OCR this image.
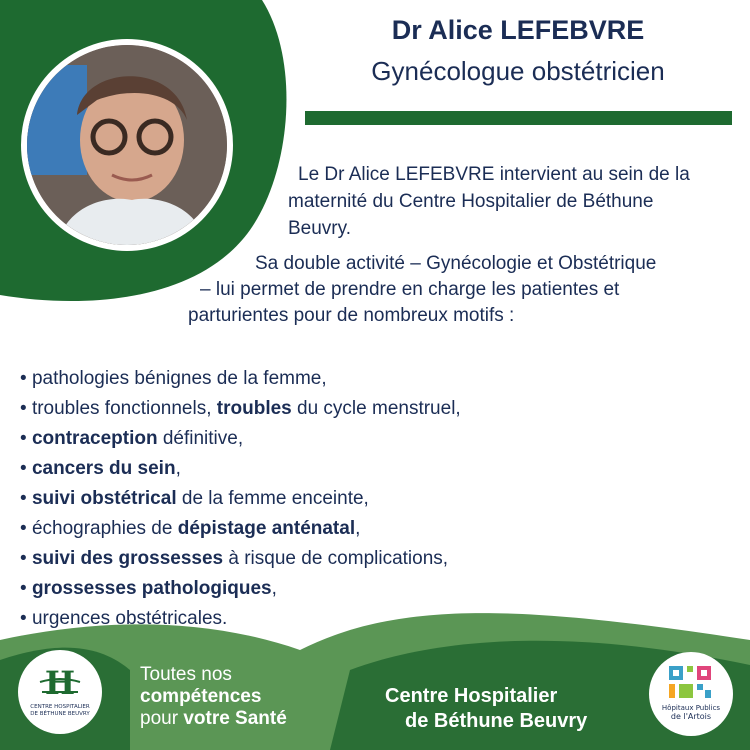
Dr Alice LEFEBVRE
Gynécologue obstétricien
Le Dr Alice LEFEBVRE intervient au sein de la
maternité du Centre Hospitalier de Béthune
Beuvry.
Sa double activité – Gynécologie et Obstétrique
– lui permet de prendre en charge les patientes et
parturientes pour de nombreux motifs :
• pathologies bénignes de la femme,
• troubles fonctionnels, troubles du cycle menstruel,
• contraception définitive,
• cancers du sein,
• suivi obstétrical de la femme enceinte,
• échographies de dépistage anténatal,
• suivi des grossesses à risque de complications,
• grossesses pathologiques,
• urgences obstétricales.
H
CENTRE HOSPITALIER
DE BÉTHUNE BEUVRY
Toutes nos
compétences
pour votre Santé
Centre Hospitalier
de Béthune Beuvry
Hôpitaux Publics
de l'Artois
